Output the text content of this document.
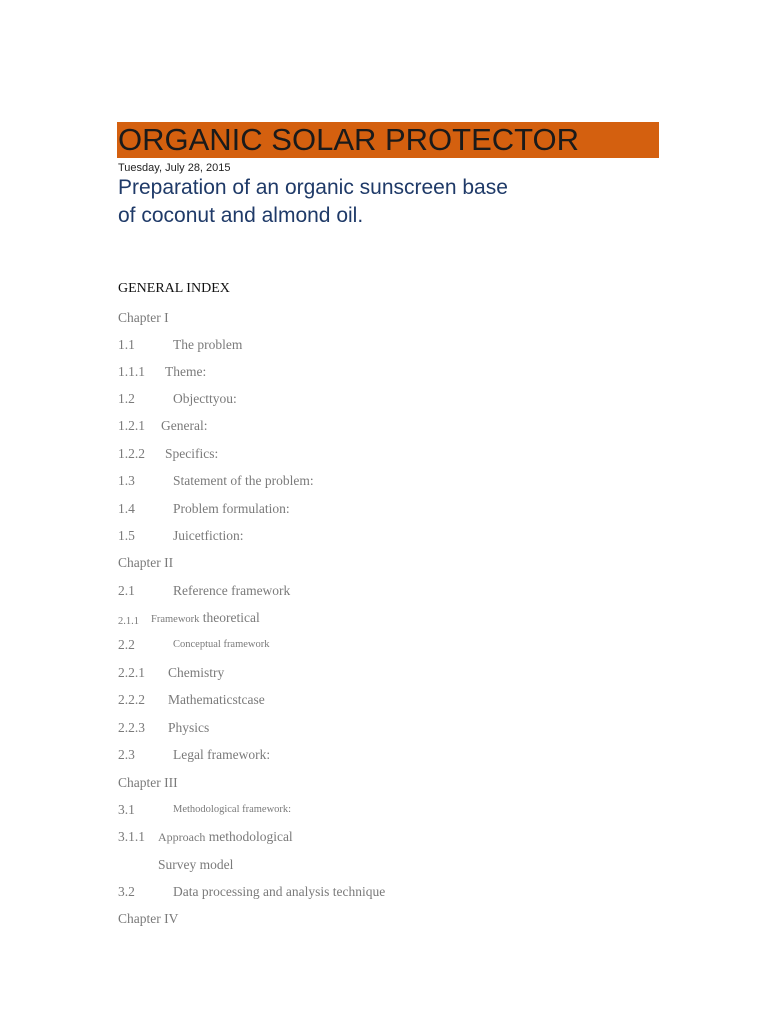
ORGANIC SOLAR PROTECTOR
Tuesday, July 28, 2015
Preparation of an organic sunscreen base
of coconut and almond oil.
GENERAL INDEX
Chapter I
1.1	The problem
1.1.1 Theme:
1.2	Objecttyou:
1.2.1 General:
1.2.2 Specifics:
1.3	Statement of the problem:
1.4	Problem formulation:
1.5	Juicetfiction:
Chapter II
2.1	Reference framework
2.1.1 Framework theoretical
2.2	Conceptual framework
2.2.1 Chemistry
2.2.2 Mathematicstcase
2.2.3 Physics
2.3	Legal framework:
Chapter III
3.1	Methodological framework:
3.1.1 Approach methodological
Survey model
3.2	Data processing and analysis technique
Chapter IV
